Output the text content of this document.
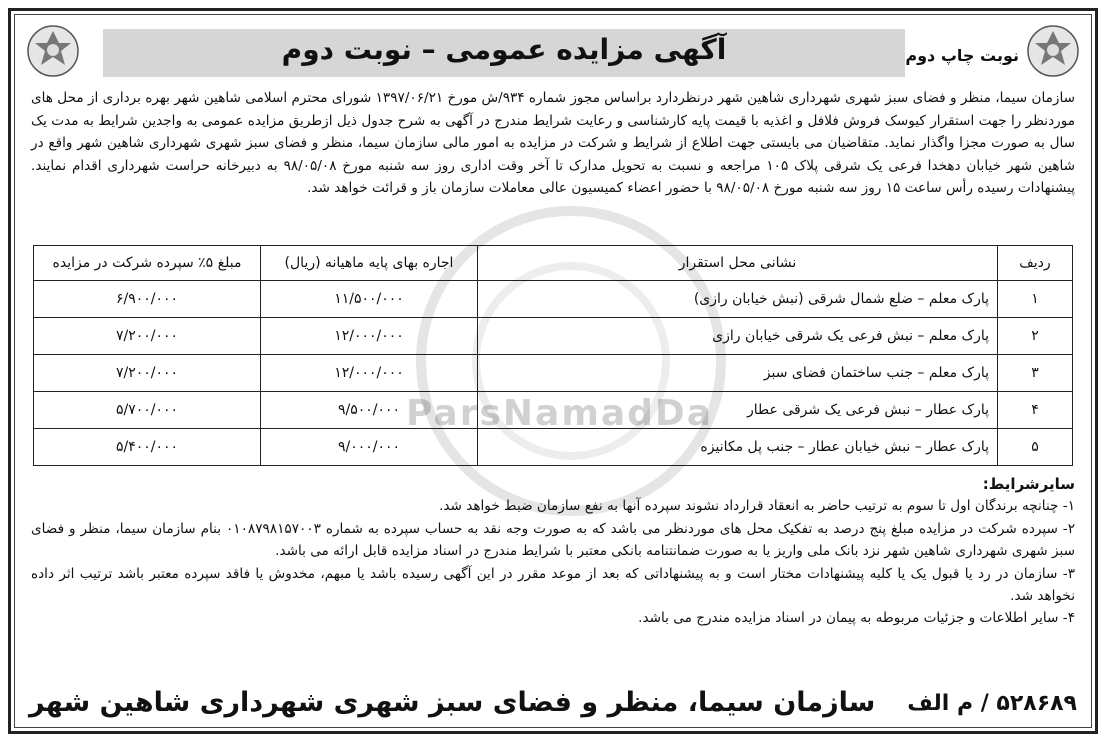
آگهی مزایده عمومی – نوبت دوم	نوبت چاپ دوم
سازمان سیما، منظر و فضای سبز شهری شهرداری شاهین شهر درنظردارد براساس مجوز شماره ۹۳۴/ش مورخ ۱۳۹۷/۰۶/۲۱ شورای محترم اسلامی شاهین شهر بهره برداری از محل های موردنظر را جهت استقرار کیوسک فروش فلافل و اغذیه با قیمت پایه کارشناسی و رعایت شرایط مندرج در آگهی به شرح جدول ذیل ازطریق مزایده عمومی به واجدین شرایط به مدت یک سال به صورت مجزا واگذار نماید. متقاضیان می بایستی جهت اطلاع از شرایط و شرکت در مزایده به امور مالی سازمان سیما، منظر و فضای سبز شهری شهرداری شاهین شهر واقع در شاهین شهر خیابان دهخدا فرعی یک شرقی پلاک ۱۰۵ مراجعه و نسبت به تحویل مدارک تا آخر وقت اداری روز سه شنبه مورخ ۹۸/۰۵/۰۸ به دبیرخانه حراست شهرداری اقدام نمایند. پیشنهادات رسیده رأس ساعت ۱۵ روز سه شنبه مورخ ۹۸/۰۵/۰۸ با حضور اعضاء کمیسیون عالی معاملات سازمان باز و قرائت خواهد شد.
ردیف	نشانی محل استقرار	اجاره بهای پایه ماهیانه (ریال)	مبلغ ۵٪ سپرده شرکت در مزایده
۱	پارک معلم – ضلع شمال شرقی (نبش خیابان رازی)	۱۱/۵۰۰/۰۰۰	۶/۹۰۰/۰۰۰
۲	پارک معلم – نبش فرعی یک شرقی خیابان رازی	۱۲/۰۰۰/۰۰۰	۷/۲۰۰/۰۰۰
۳	پارک معلم – جنب ساختمان فضای سبز	۱۲/۰۰۰/۰۰۰	۷/۲۰۰/۰۰۰
۴	پارک عطار – نبش فرعی یک شرقی عطار	۹/۵۰۰/۰۰۰	۵/۷۰۰/۰۰۰
۵	پارک عطار – نبش خیابان عطار – جنب پل مکانیزه	۹/۰۰۰/۰۰۰	۵/۴۰۰/۰۰۰
ParsNamadDa

سایرشرایط:

۱- چنانچه برندگان اول تا سوم به ترتیب حاضر به انعقاد قرارداد نشوند سپرده آنها به نفع سازمان ضبط خواهد شد.

۲- سپرده شرکت در مزایده مبلغ پنج درصد به تفکیک محل های موردنظر می باشد که به صورت وجه نقد به حساب سپرده به شماره ۰۱۰۸۷۹۸۱۵۷۰۰۳ بنام سازمان سیما، منظر و فضای سبز شهری شهرداری شاهین شهر نزد بانک ملی واریز یا به صورت ضمانتنامه بانکی معتبر با شرایط مندرج در اسناد مزایده قابل ارائه می باشد.

۳- سازمان در رد یا قبول یک یا کلیه پیشنهادات مختار است و به پیشنهاداتی که بعد از موعد مقرر در این آگهی رسیده باشد یا مبهم، مخدوش یا فاقد سپرده معتبر باشد ترتیب اثر داده نخواهد شد.

۴- سایر اطلاعات و جزئیات مربوطه به پیمان در اسناد مزایده مندرج می باشد.

۵۲۸۶۸۹ / م الف
سازمان سیما، منظر و فضای سبز شهری شهرداری شاهین شهر
